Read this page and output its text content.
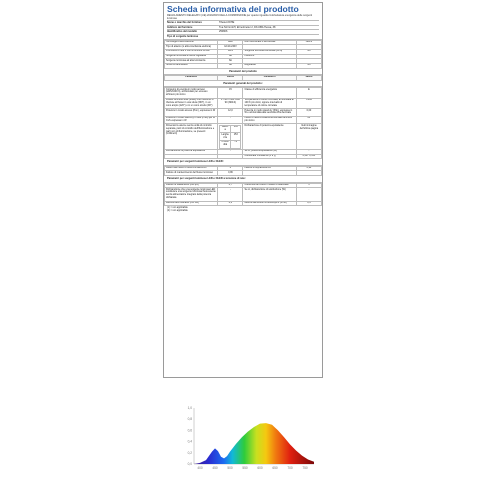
Scheda informativa del prodotto
REGOLAMENTO DELEGATO (UE) 2019/2015 DELLA COMMISSIONE per quanto riguarda l'etichettatura energetica delle sorgenti luminose
Nome o marchio del fornitore	Tibelec/JOHE
Indirizzo del fornitore	Tua Tell GmbH, Ehrenbreiter 2, DK-NBA Hessa, 38
Identificativo del modello	250806
Tipo di sorgente luminosa
Tecnologia d'illuminazione	LED	Non direzionale o direzionale	NDLS
Tipo di attacco (o altra interfaccia elettrica)	GC10-240V		
A fornitore di rete o non a fornitore di rete	MLS	Sorgente luminosa connessa (CLS)	No
Sorgente luminosa a colore regolabile	No	Involucro	
Sorgente luminosa ad alta luminanza	No		
Schermo antiriflesso	No	Regolabile	No
Parametri del prodotto
Parametro	Valore	Parametro	Valore
Parametri generali del prodotto:
Consumo di energia in modo acceso (kWh/1000 h), arrotondato per eccesso all'intero più vicino	15	Classe di efficienza energetica	E
Flusso luminoso utile (Φuse) che indica se si riferisce al flusso in una sfera (360°), in un cono ampio (120°) o in un cono stretto (90°)	1.740 in 360 cono 90 (NDLS)	Temperatura di colore correlata, arrotondata ai 100 K più vicini, oppure intervallo di temperature di colore correlate	3.000
Potenza in modo acceso (Pon), espressa in W	12,0	Potenza in modo stand-by (Psb), espressa in W e arrotondata alla seconda cifra decimale	0,00
Potenza in modo stand-by in rete (Pnet) per le CLS espressa in W	-	Indice di resa cromatica arrotondato all'intero più vicino	81
Dimensioni esterne senza unità di controllo separata, parti di controllo dell'illuminazione e parti non di illuminazione, se presenti (millimetri)	
Altezza	153
Larghezza	153
Profondità	76
	Dichiarazione di potenza equivalente	Vedi immagine dell'ultima pagina
Dichiarazione di potenza equivalente	-	Se sì, potenza equivalente (W)	-
		Coordinate cromatiche (x e y)	0,347 0,351
Parametri per sorgenti luminose LED e OLED:
Valore dell'indice di resa cromatica R9	0	Fattore di sopravvivenza	0,90
Fattore di mantenimento del flusso luminoso	0,96		
Parametri per sorgenti luminose LED e OLED a tensione di rete:
Fattore di sfasamento (cos φ1)	0,7	Coerenza del colore in ellissi di MacAdam	3
Dichiarazione che una sorgente luminosa LED sostituisce una sorgente luminosa fluorescente senza alimentatore integrato della potenza dichiarata	-	Se sì, dichiarazione di sostituzione (W)	-
Metrica dello sfarfallio (Pst LM)	0,2	Metrica dell'effetto stroboscopico (SVM)	0,4
(1) = non applicabile
(2) = non applicabile
400	450	500	550	600	650	700	750
0,0
0,2
0,4
0,6
0,8
1,0
